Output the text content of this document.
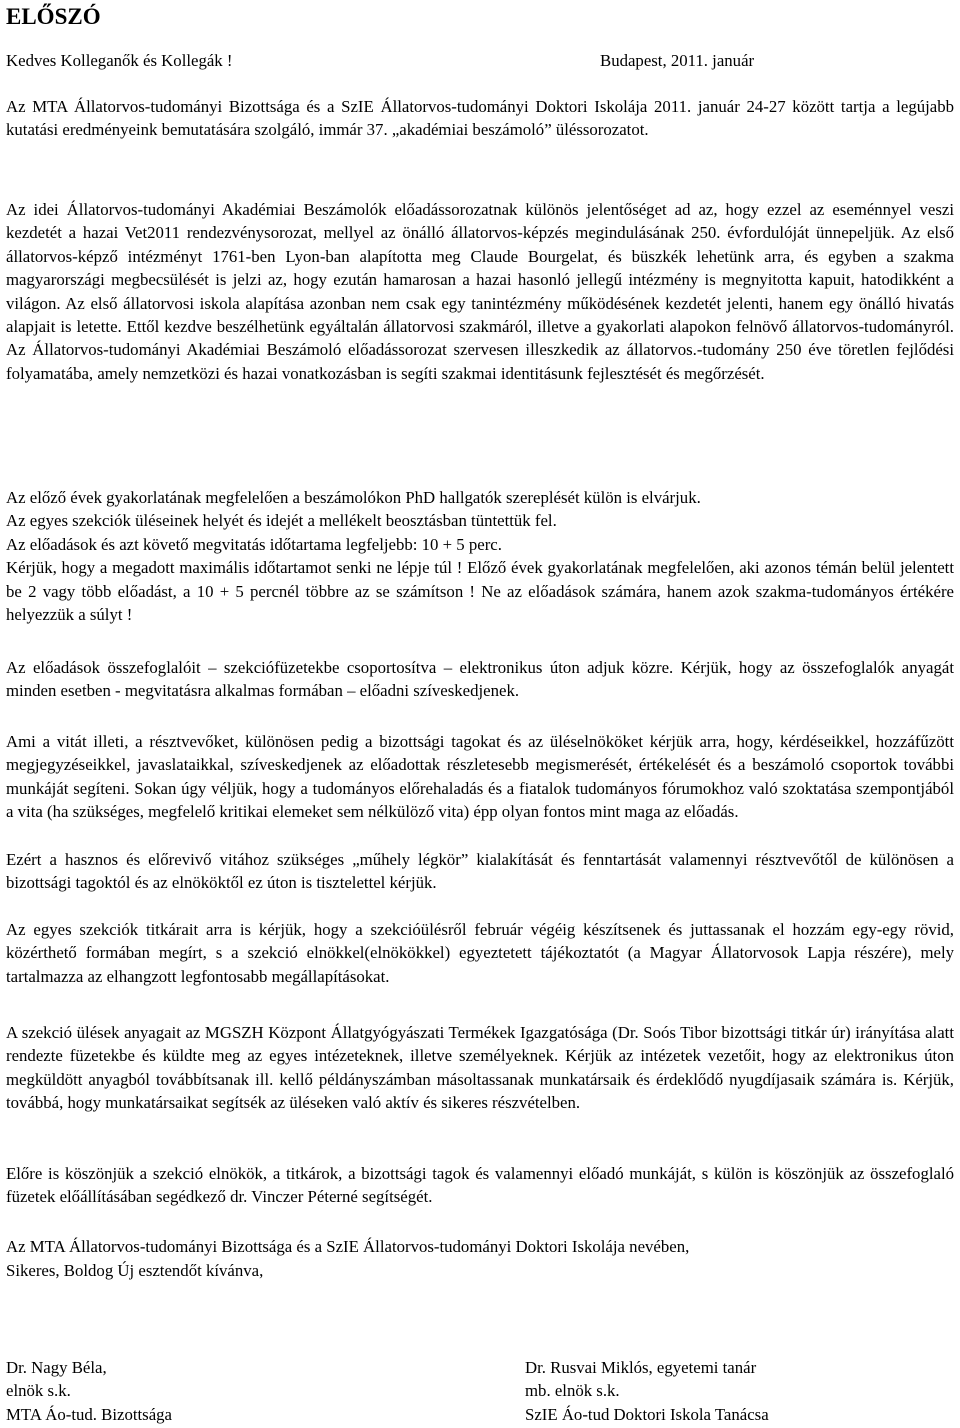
ELŐSZÓ
Kedves Kolleganők és Kollegák !	Budapest, 2011. január

Az MTA Állatorvos-tudományi Bizottsága és a SzIE Állatorvos-tudományi Doktori Iskolája 2011. január 24-27 között tartja a legújabb kutatási eredményeink bemutatására szolgáló, immár 37. „akadémiai beszámoló” üléssorozatot.

Az idei Állatorvos-tudományi Akadémiai Beszámolók előadássorozatnak különös jelentőséget ad az, hogy ezzel az eseménnyel veszi kezdetét a hazai Vet2011 rendezvénysorozat, mellyel az önálló állatorvos-képzés megindulásának 250. évfordulóját ünnepeljük. Az első állatorvos-képző intézményt 1761-ben Lyon-ban alapította meg Claude Bourgelat, és büszkék lehetünk arra, és egyben a szakma magyarországi megbecsülését is jelzi az, hogy ezután hamarosan a hazai hasonló jellegű intézmény is megnyitotta kapuit, hatodikként a világon. Az első állatorvosi iskola alapítása azonban nem csak egy tanintézmény működésének kezdetét jelenti, hanem egy önálló hivatás alapjait is letette. Ettől kezdve beszélhetünk egyáltalán állatorvosi szakmáról, illetve a gyakorlati alapokon felnövő állatorvos-tudományról. Az Állatorvos-tudományi Akadémiai Beszámoló előadássorozat szervesen illeszkedik az állatorvos.-tudomány 250 éve töretlen fejlődési folyamatába, amely nemzetközi és hazai vonatkozásban is segíti szakmai identitásunk fejlesztését és megőrzését.

Az előző évek gyakorlatának megfelelően a beszámolókon PhD hallgatók szereplését külön is elvárjuk.
Az egyes szekciók üléseinek helyét és idejét a mellékelt beosztásban tüntettük fel.
Az előadások és azt követő megvitatás időtartama legfeljebb: 10 + 5 perc.
Kérjük, hogy a megadott maximális időtartamot senki ne lépje túl ! Előző évek gyakorlatának megfelelően, aki azonos témán belül jelentett be 2 vagy több előadást, a 10 + 5 percnél többre az se számítson ! Ne az előadások számára, hanem azok szakma-tudományos értékére helyezzük a súlyt !

Az előadások összefoglalóit – szekciófüzetekbe csoportosítva – elektronikus úton adjuk közre. Kérjük, hogy az összefoglalók anyagát minden esetben - megvitatásra alkalmas formában – előadni szíveskedjenek.

Ami a vitát illeti, a résztvevőket, különösen pedig a bizottsági tagokat és az üléselnököket kérjük arra, hogy, kérdéseikkel, hozzáfűzött megjegyzéseikkel, javaslataikkal, szíveskedjenek az előadottak részletesebb megismerését, értékelését és a beszámoló csoportok további munkáját segíteni. Sokan úgy véljük, hogy a tudományos előrehaladás és a fiatalok tudományos fórumokhoz való szoktatása szempontjából a vita (ha szükséges, megfelelő kritikai elemeket sem nélkülöző vita) épp olyan fontos mint maga az előadás.

Ezért a hasznos és előrevivő vitához szükséges „műhely légkör” kialakítását és fenntartását valamennyi résztvevőtől de különösen a bizottsági tagoktól és az elnököktől ez úton is tisztelettel kérjük.

Az egyes szekciók titkárait arra is kérjük, hogy a szekcióülésről február végéig készítsenek és juttassanak el hozzám egy-egy rövid, közérthető formában megírt, s a szekció elnökkel(elnökökkel) egyeztetett tájékoztatót (a Magyar Állatorvosok Lapja részére), mely tartalmazza az elhangzott legfontosabb megállapításokat.

A szekció ülések anyagait az MGSZH Központ Állatgyógyászati Termékek Igazgatósága (Dr. Soós Tibor bizottsági titkár úr) irányítása alatt rendezte füzetekbe és küldte meg az egyes intézeteknek, illetve személyeknek. Kérjük az intézetek vezetőit, hogy az elektronikus úton megküldött anyagból továbbítsanak ill. kellő példányszámban másoltassanak munkatársaik és érdeklődő nyugdíjasaik számára is. Kérjük, továbbá, hogy munkatársaikat segítsék az üléseken való aktív és sikeres részvételben.

Előre is köszönjük a szekció elnökök, a titkárok, a bizottsági tagok és valamennyi előadó munkáját, s külön is köszönjük az összefoglaló füzetek előállításában segédkező dr. Vinczer Péterné segítségét.

Az MTA Állatorvos-tudományi Bizottsága és a SzIE Állatorvos-tudományi Doktori Iskolája nevében,
Sikeres, Boldog Új esztendőt kívánva,
Dr. Nagy Béla,
elnök s.k.
MTA Áo-tud. Bizottsága
Dr. Rusvai Miklós, egyetemi tanár
mb. elnök s.k.
SzIE Áo-tud Doktori Iskola Tanácsa
